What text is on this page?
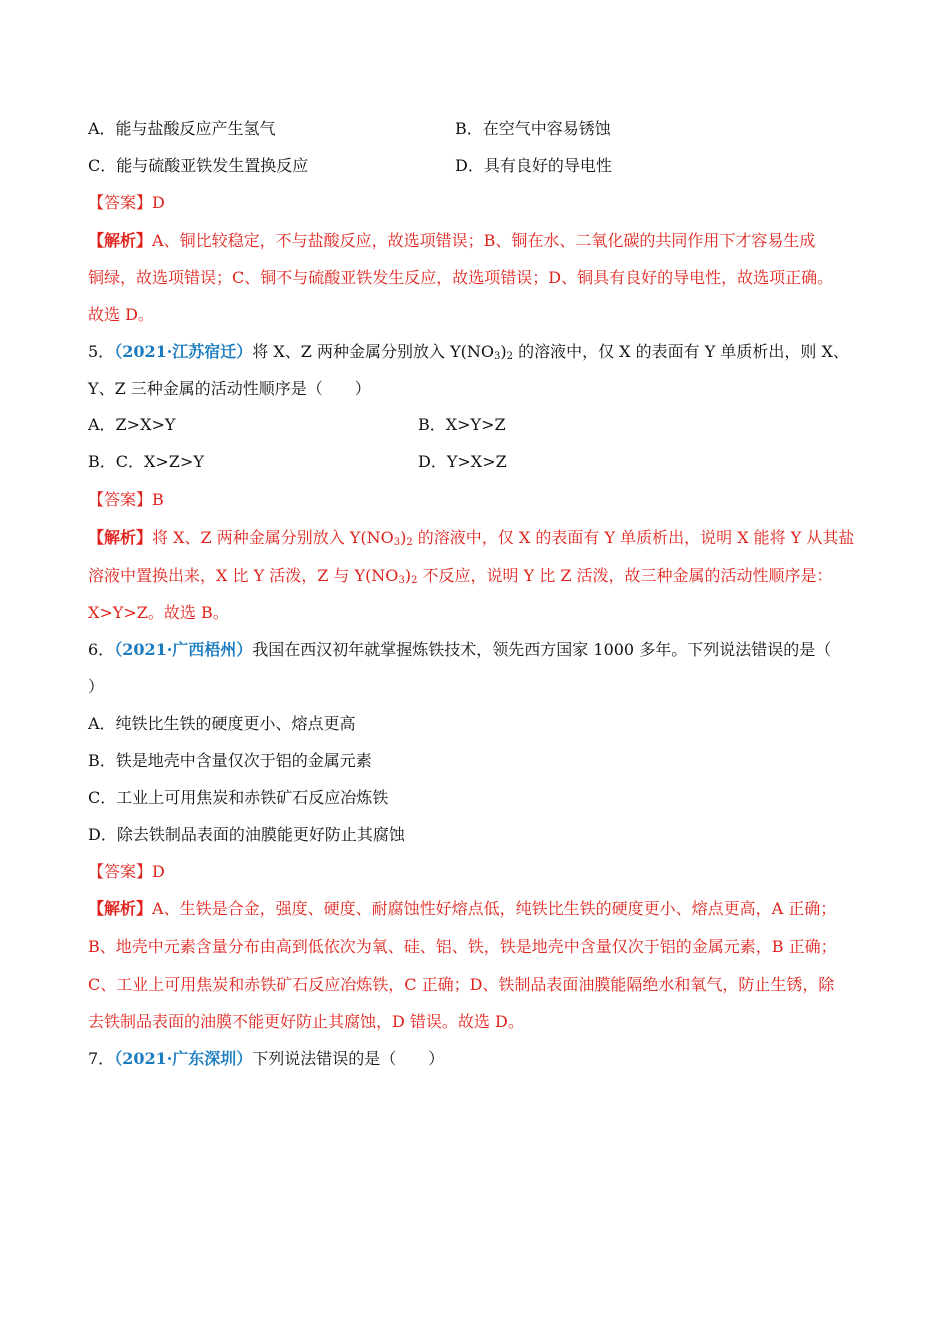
A．能与盐酸反应产生氢气	B．在空气中容易锈蚀
C．能与硫酸亚铁发生置换反应	D．具有良好的导电性
【答案】D
【解析】A、铜比较稳定，不与盐酸反应，故选项错误；B、铜在水、二氧化碳的共同作用下才容易生成
铜绿，故选项错误；C、铜不与硫酸亚铁发生反应，故选项错误；D、铜具有良好的导电性，故选项正确。
故选 D。
5．（2021·江苏宿迁）将 X、Z 两种金属分别放入 $Y(NO_3)_2$ 的溶液中，仅 X 的表面有 Y 单质析出，则 X、
Y、Z 三种金属的活动性顺序是（　　）
A．Z>X>Y	B．X>Y>Z
B．C．X>Z>Y	D．Y>X>Z
【答案】B
【解析】将 X、Z 两种金属分别放入 $Y(NO_3)_2$ 的溶液中，仅 X 的表面有 Y 单质析出，说明 X 能将 Y 从其盐
溶液中置换出来，X 比 Y 活泼，Z 与 $Y(NO_3)_2$ 不反应，说明 Y 比 Z 活泼，故三种金属的活动性顺序是：
X>Y>Z。故选 B。
6．（2021·广西梧州）我国在西汉初年就掌握炼铁技术，领先西方国家 1000 多年。下列说法错误的是（
）
A．纯铁比生铁的硬度更小、熔点更高
B．铁是地壳中含量仅次于铝的金属元素
C．工业上可用焦炭和赤铁矿石反应冶炼铁
D．除去铁制品表面的油膜能更好防止其腐蚀
【答案】D
【解析】A、生铁是合金，强度、硬度、耐腐蚀性好熔点低，纯铁比生铁的硬度更小、熔点更高，A 正确；
B、地壳中元素含量分布由高到低依次为氧、硅、铝、铁，铁是地壳中含量仅次于铝的金属元素，B 正确；
C、工业上可用焦炭和赤铁矿石反应冶炼铁，C 正确；D、铁制品表面油膜能隔绝水和氧气，防止生锈，除
去铁制品表面的油膜不能更好防止其腐蚀，D 错误。故选 D。
7．（2021·广东深圳）下列说法错误的是（　　）
